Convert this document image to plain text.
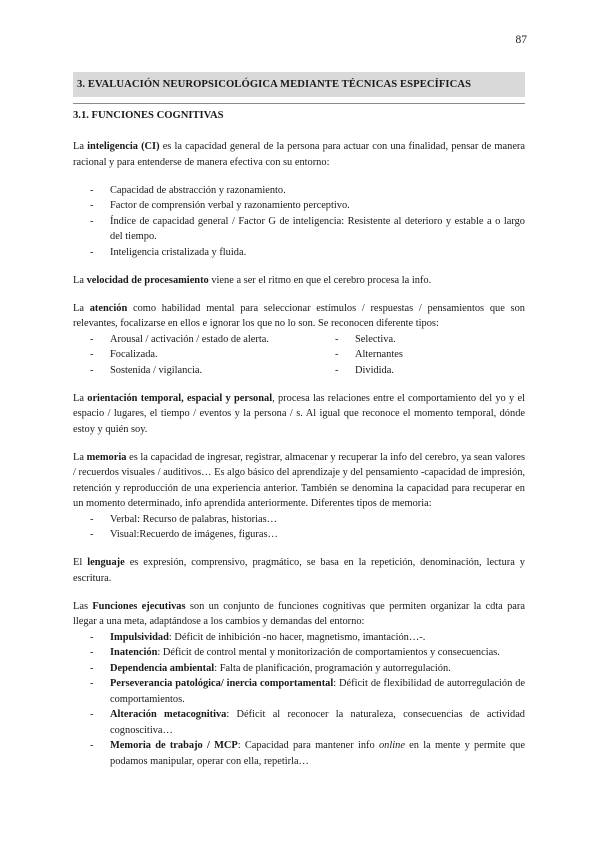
87
3. EVALUACIÓN NEUROPSICOLÓGICA MEDIANTE TÉCNICAS ESPECÍFICAS
3.1. FUNCIONES COGNITIVAS

La inteligencia (CI) es la capacidad general de la persona para actuar con una finalidad, pensar de manera racional y para entenderse de manera efectiva con su entorno:

- Capacidad de abstracción y razonamiento.
- Factor de comprensión verbal y razonamiento perceptivo.
- Índice de capacidad general / Factor G de inteligencia: Resistente al deterioro y estable a o largo del tiempo.
- Inteligencia cristalizada y fluida.

La velocidad de procesamiento viene a ser el ritmo en que el cerebro procesa la info.

La atención como habilidad mental para seleccionar estímulos / respuestas / pensamientos que son relevantes, focalizarse en ellos e ignorar los que no lo son. Se reconocen diferente tipos:

- Arousal / activación / estado de alerta.
- Focalizada.
- Sostenida / vigilancia.
- Selectiva.
- Alternantes
- Dividida.

La orientación temporal, espacial y personal, procesa las relaciones entre el comportamiento del yo y el espacio / lugares, el tiempo / eventos y la persona / s. Al igual que reconoce el momento temporal, dónde estoy y quién soy.

La memoria es la capacidad de ingresar, registrar, almacenar y recuperar la info del cerebro, ya sean valores / recuerdos visuales / auditivos… Es algo básico del aprendizaje y del pensamiento -capacidad de impresión, retención y reproducción de una experiencia anterior. También se denomina la capacidad para recuperar en un momento determinado, info aprendida anteriormente. Diferentes tipos de memoria:

- Verbal: Recurso de palabras, historias…
- Visual:Recuerdo de imágenes, figuras…

El lenguaje es expresión, comprensivo, pragmático, se basa en la repetición, denominación, lectura y escritura.

Las Funciones ejecutivas son un conjunto de funciones cognitivas que permiten organizar la cdta para llegar a una meta, adaptándose a los cambios y demandas del entorno:

- Impulsividad: Déficit de inhibición -no hacer, magnetismo, imantación…-.
- Inatención: Déficit de control mental y monitorización de comportamientos y consecuencias.
- Dependencia ambiental: Falta de planificación, programación y autorregulación.
- Perseverancia patológica/ inercia comportamental: Déficit de flexibilidad de autorregulación de comportamientos.
- Alteración metacognitiva: Déficit al reconocer la naturaleza, consecuencias de actividad cognoscitiva…
- Memoria de trabajo / MCP: Capacidad para mantener info online en la mente y permite que podamos manipular, operar con ella, repetirla…
